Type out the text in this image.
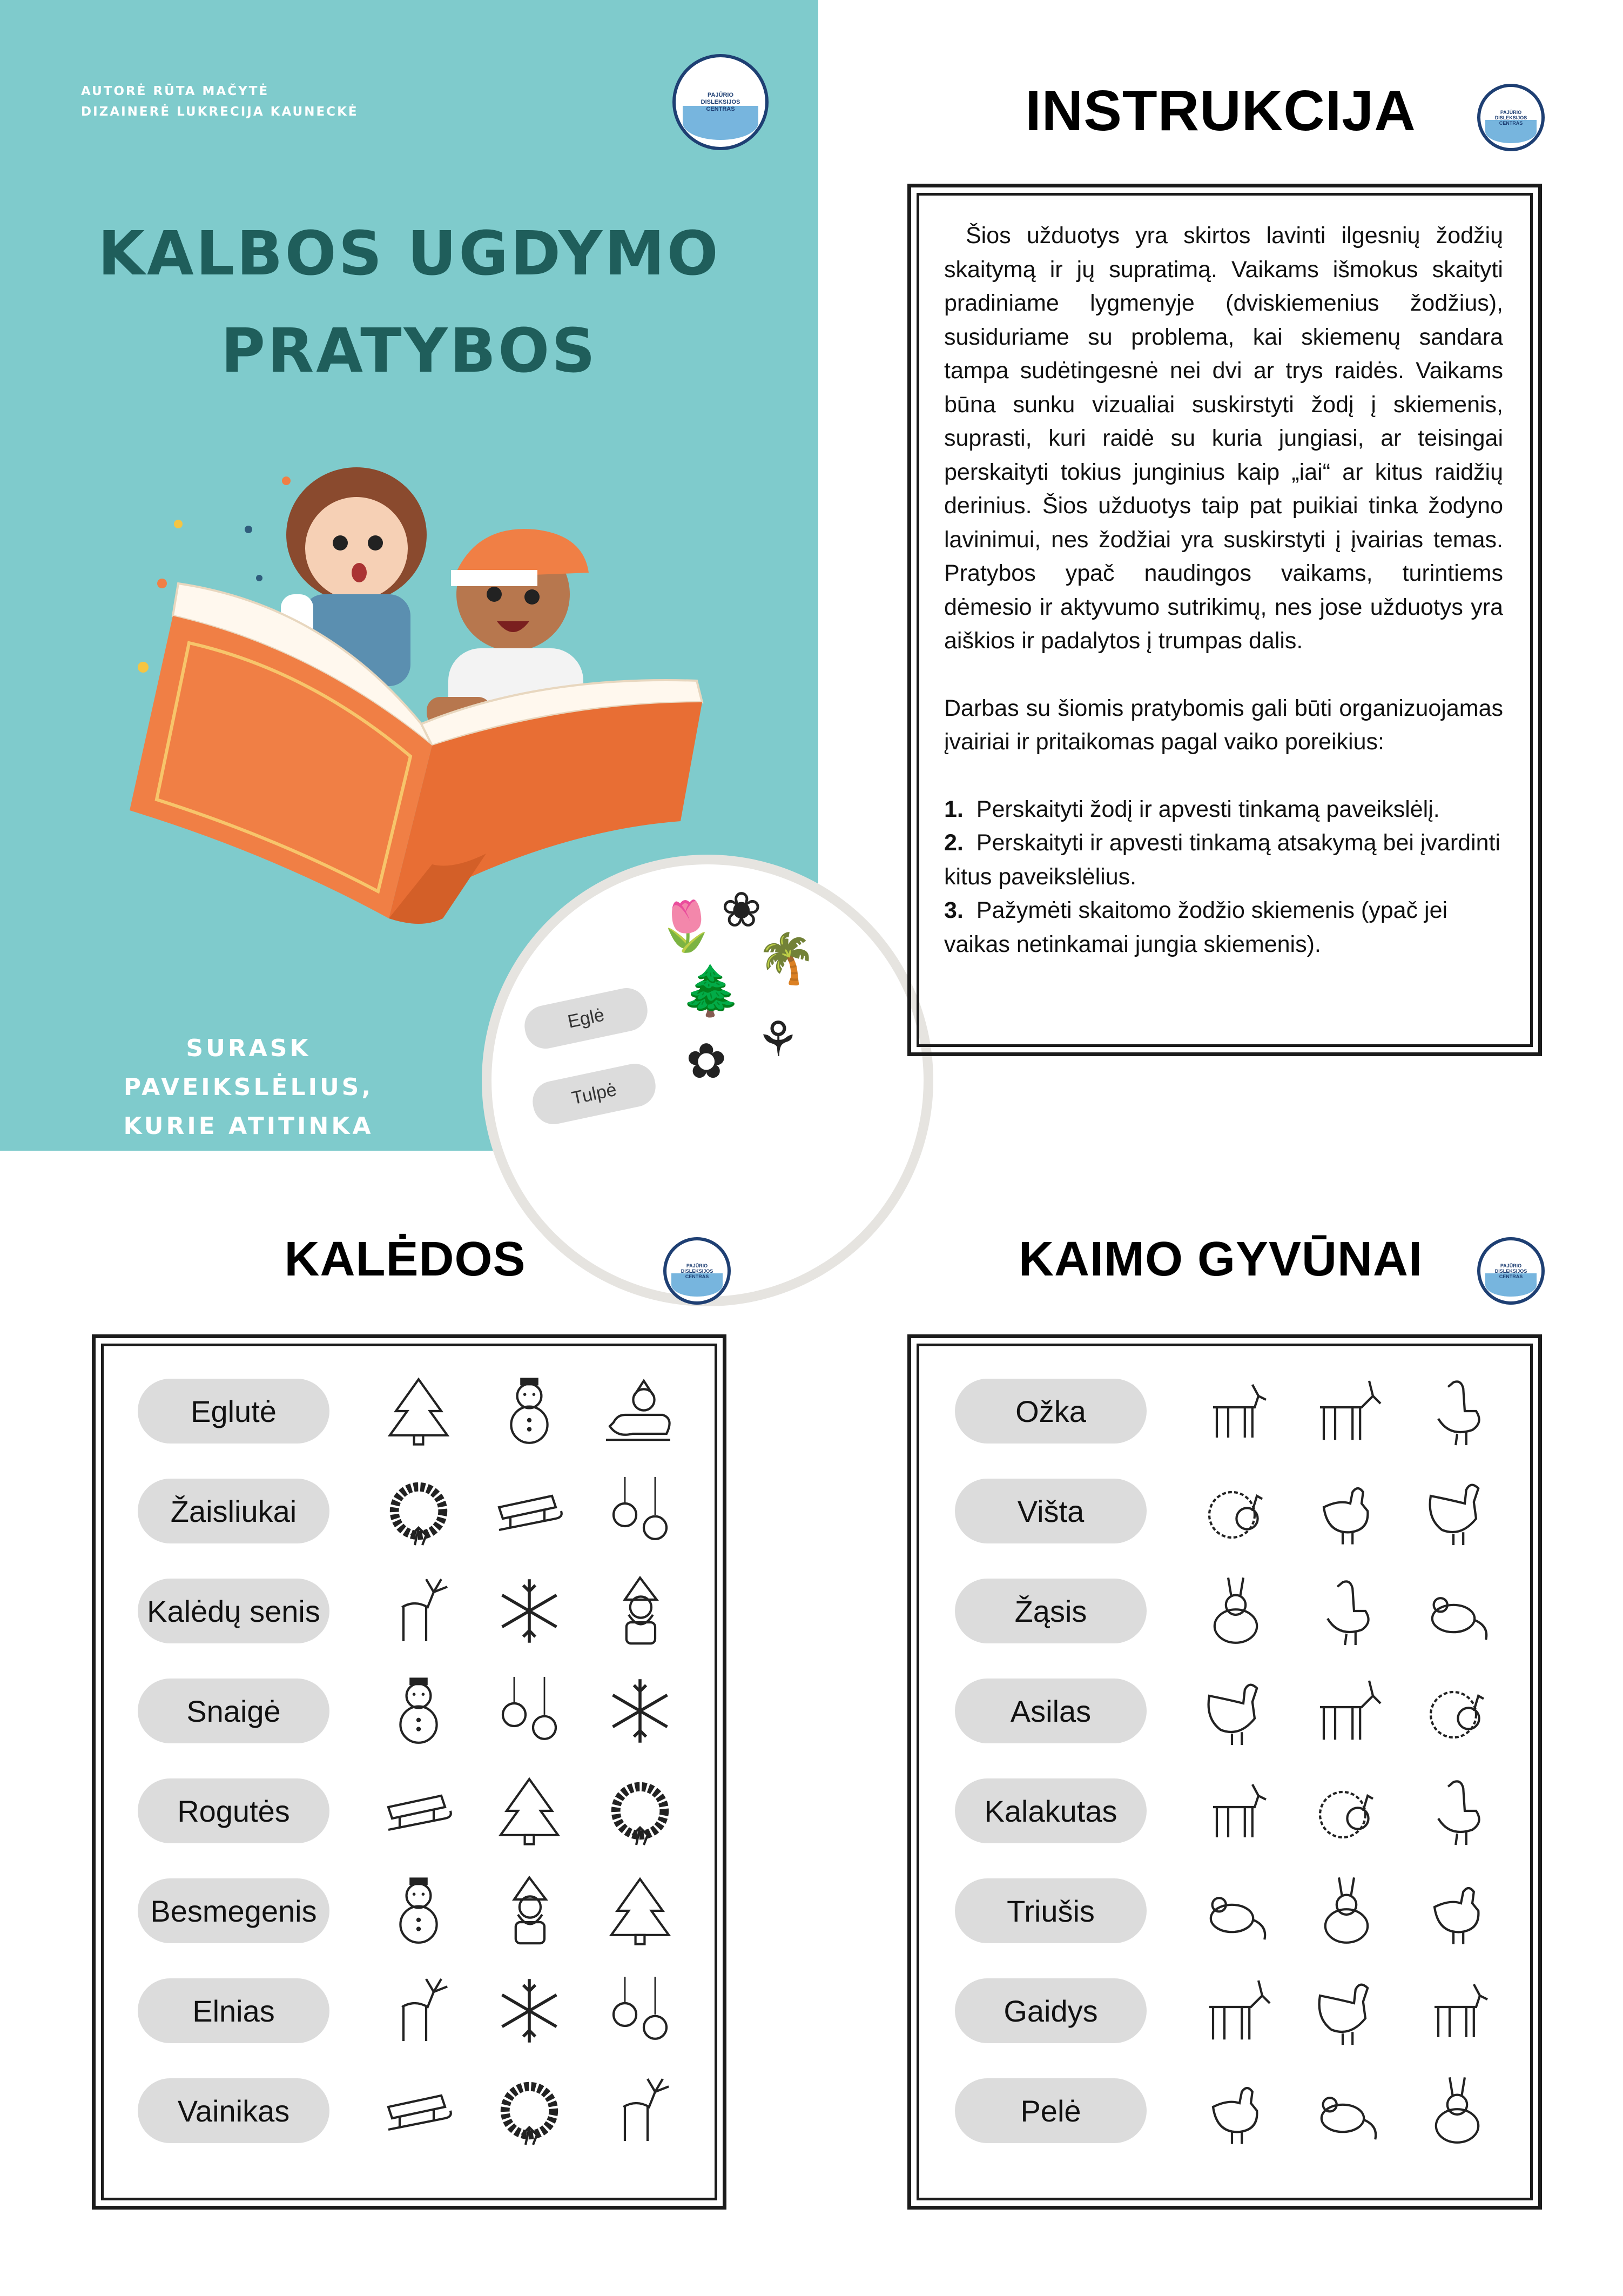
AUTORĖ RŪTA MAČYTĖ
DIZAINERĖ LUKRECIJA KAUNECKĖ
PAJŪRIO
DISLEKSIJOS
CENTRAS
KALBOS UGDYMO
PRATYBOS
Eglė
Tulpė
🌷
🌲
🌴
✿ ⚘
❀
SURASK PAVEIKSLĖLIUS,
KURIE ATITINKA ŽODELIUS!
INSTRUKCIJA	PAJŪRIO
DISLEKSIJOS
CENTRAS

Šios užduotys yra skirtos lavinti ilgesnių žodžių skaitymą ir jų supratimą. Vaikams išmokus skaityti pradiniame lygmenyje (dviskiemenius žodžius), susiduriame su problema, kai skiemenų sandara tampa sudėtingesnė nei dvi ar trys raidės. Vaikams būna sunku vizualiai suskirstyti žodį į skiemenis, suprasti, kuri raidė su kuria jungiasi, ar teisingai perskaityti tokius junginius kaip „iai“ ar kitus raidžių derinius. Šios užduotys taip pat puikiai tinka žodyno lavinimui, nes žodžiai yra suskirstyti į įvairias temas. Pratybos ypač naudingos vaikams, turintiems dėmesio ir aktyvumo sutrikimų, nes jose užduotys yra aiškios ir padalytos į trumpas dalis.

Darbas su šiomis pratybomis gali būti organizuojamas įvairiai ir pritaikomas pagal vaiko poreikius:

1. Perskaityti žodį ir apvesti tinkamą paveikslėlį.

2. Perskaityti ir apvesti tinkamą atsakymą bei įvardinti kitus paveikslėlius.

3. Pažymėti skaitomo žodžio skiemenis (ypač jei vaikas netinkamai jungia skiemenis).

KALĖDOS	PAJŪRIO
DISLEKSIJOS
CENTRAS
Eglutė
Žaisliukai
Kalėdų senis
Snaigė
Rogutės
Besmegenis
Elnias
Vainikas
KAIMO GYVŪNAI	PAJŪRIO
DISLEKSIJOS
CENTRAS
Ožka
Višta
Žąsis
Asilas
Kalakutas
Triušis
Gaidys
Pelė
